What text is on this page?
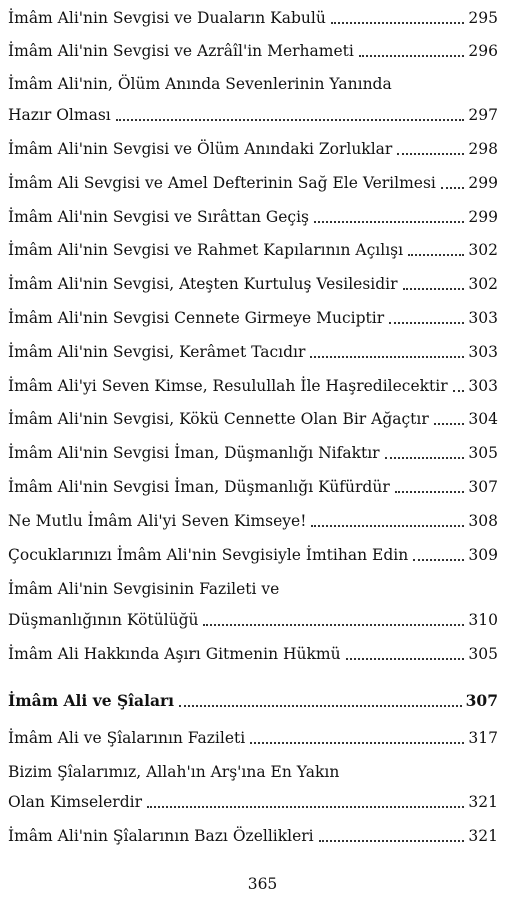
İmâm Ali'nin Sevgisi ve Duaların Kabulü	295
İmâm Ali'nin Sevgisi ve Azrâîl'in Merhameti	296
İmâm Ali'nin, Ölüm Anında Sevenlerinin Yanında
Hazır Olması	297
İmâm Ali'nin Sevgisi ve Ölüm Anındaki Zorluklar	298
İmâm Ali Sevgisi ve Amel Defterinin Sağ Ele Verilmesi 299
İmâm Ali'nin Sevgisi ve Sırâttan Geçiş	299
İmâm Ali'nin Sevgisi ve Rahmet Kapılarının Açılışı	302
İmâm Ali'nin Sevgisi, Ateşten Kurtuluş Vesilesidir	302
İmâm Ali'nin Sevgisi Cennete Girmeye Muciptir	303
İmâm Ali'nin Sevgisi, Kerâmet Tacıdır	303
İmâm Ali'yi Seven Kimse, Resulullah İle Haşredilecektir 303
İmâm Ali'nin Sevgisi, Kökü Cennette Olan Bir Ağaçtır	304
İmâm Ali'nin Sevgisi İman, Düşmanlığı Nifaktır	305
İmâm Ali'nin Sevgisi İman, Düşmanlığı Küfürdür	307
Ne Mutlu İmâm Ali'yi Seven Kimseye!	308
Çocuklarınızı İmâm Ali'nin Sevgisiyle İmtihan Edin	309
İmâm Ali'nin Sevgisinin Fazileti ve
Düşmanlığının Kötülüğü	310
İmâm Ali Hakkında Aşırı Gitmenin Hükmü	305
İmâm Ali ve Şîaları	307
İmâm Ali ve Şîalarının Fazileti	317
Bizim Şîalarımız, Allah'ın Arş'ına En Yakın
Olan Kimselerdir	321
İmâm Ali'nin Şîalarının Bazı Özellikleri	321
365
